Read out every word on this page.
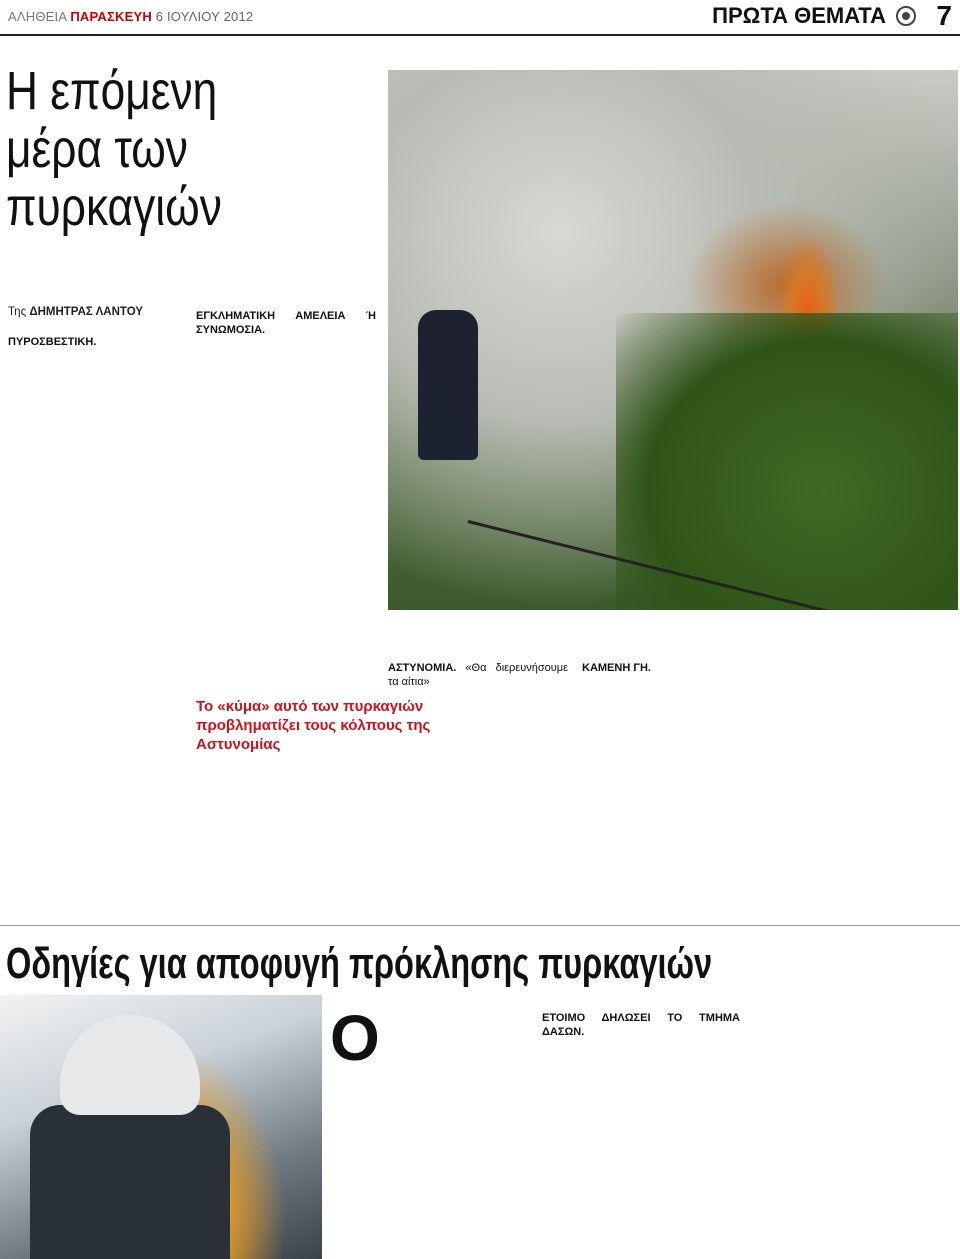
ΑΛΗΘΕΙΑ ΠΑΡΑΣΚΕΥΗ 6 ΙΟΥΛΙΟΥ 2012	ΠΡΩΤΑ ΘΕΜΑΤΑ 7
Η επόμενη μέρα των πυρκαγιών

Της ΔΗΜΗΤΡΑΣ ΛΑΝΤΟΥ

ΠΥΡΟΣΒΕΣΤΙΚΗ.

ΕΓΚΛΗΜΑΤΙΚΗ ΑΜΕΛΕΙΑ Ή ΣΥΝΩΜΟΣΙΑ.

Το «κύμα» αυτό των πυρκαγιών προβληματίζει τους κόλπους της Αστυνομίας

ΑΣΤΥΝΟΜΙΑ. «Θα διερευνήσουμε τα αίτια»

ΚΑΜΕΝΗ ΓΗ.

Οδηγίες για αποφυγή πρόκλησης πυρκαγιών
Ο	ΕΤΟΙΜΟ ΔΗΛΩΣΕΙ ΤΟ ΤΜΗΜΑ ΔΑΣΩΝ.
